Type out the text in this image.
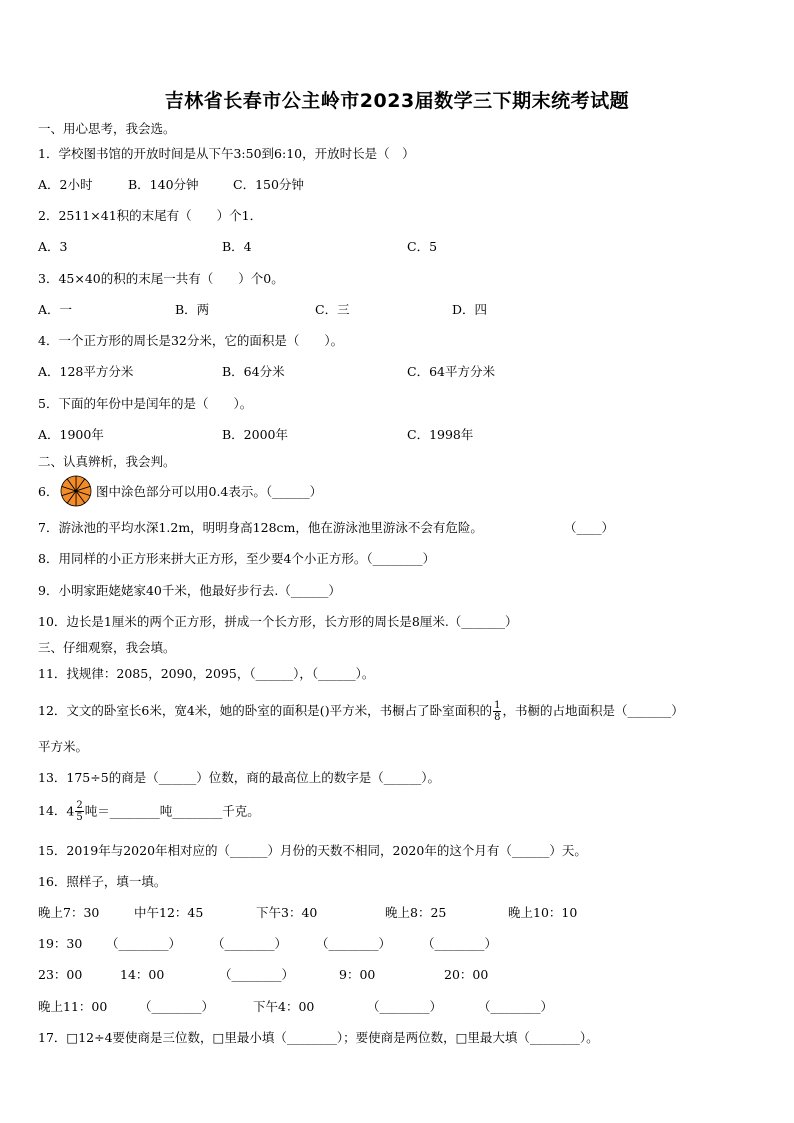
吉林省长春市公主岭市2023届数学三下期末统考试题
一、用心思考，我会选。
1．学校图书馆的开放时间是从下午3:50到6:10，开放时长是（　）
A．2小时	B．140分钟	C．150分钟
2．2511×41积的末尾有（　　）个1．
A．3	B．4	C．5
3．45×40的积的末尾一共有（　　）个0。
A．一	B．两	C．三	D．四
4．一个正方形的周长是32分米，它的面积是（　　）。
A．128平方分米	B．64分米	C．64平方分米
5．下面的年份中是闰年的是（　　）。
A．1900年	B．2000年	C．1998年
二、认真辨析，我会判。
6．	图中涂色部分可以用0.4表示。（______）
7．游泳池的平均水深1.2m，明明身高128cm，他在游泳池里游泳不会有危险。	（____）
8．用同样的小正方形来拼大正方形，至少要4个小正方形。（________）
9．小明家距姥姥家40千米，他最好步行去.（______）
10．边长是1厘米的两个正方形，拼成一个长方形，长方形的周长是8厘米.（_______）
三、仔细观察，我会填。
11．找规律：2085，2090，2095，（______），（______）。
12．文文的卧室长6米，宽4米，她的卧室的面积是()平方米，书橱占了卧室面积的 $\frac{1}{8}$ ，书橱的占地面积是（_______）
平方米。
13．175÷5的商是（______）位数，商的最高位上的数字是（______）。
14．$4 \frac{2}{5}$ 吨＝________吨________千克。
15．2019年与2020年相对应的（______）月份的天数不相同，2020年的这个月有（______）天。
16．照样子，填一填。
晚上7：30	中午12：45	下午3：40	晚上8：25	晚上10：10
19：30 （________） （________） （________） （________）
23：00	14：00	（________）	9：00	20：00
晚上11：00	（________）	下午4：00	（________）	（________）
17．□12÷4要使商是三位数，□里最小填（________）；要使商是两位数，□里最大填（________）。
